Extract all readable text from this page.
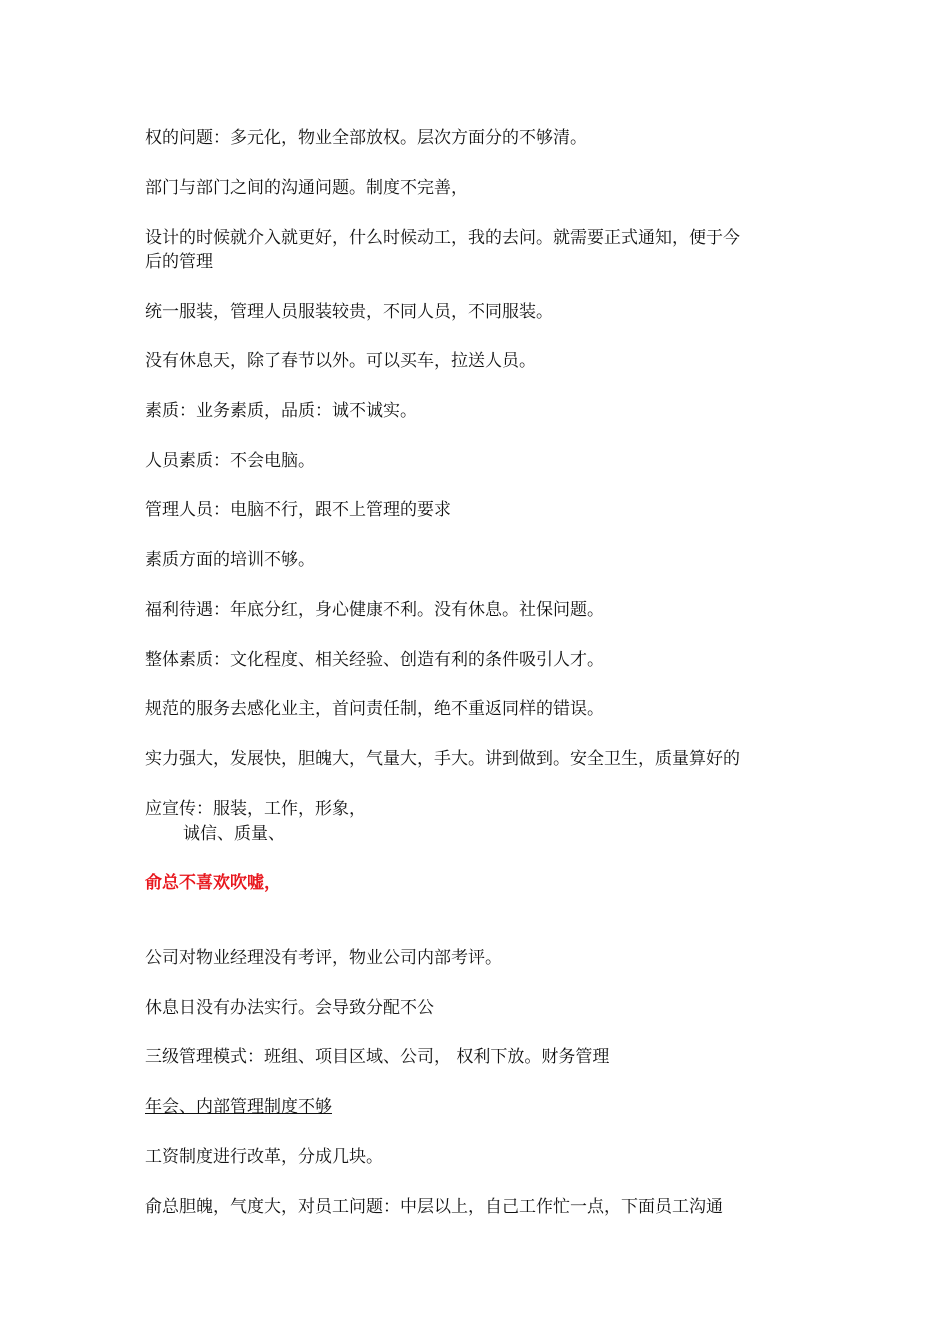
权的问题：多元化，物业全部放权。层次方面分的不够清。
部门与部门之间的沟通问题。制度不完善，
设计的时候就介入就更好，什么时候动工，我的去问。就需要正式通知，便于今
后的管理
统一服装，管理人员服装较贵，不同人员，不同服装。
没有休息天，除了春节以外。可以买车，拉送人员。
素质：业务素质，品质：诚不诚实。
人员素质：不会电脑。
管理人员：电脑不行，跟不上管理的要求
素质方面的培训不够。
福利待遇：年底分红，身心健康不利。没有休息。社保问题。
整体素质：文化程度、相关经验、创造有利的条件吸引人才。
规范的服务去感化业主，首问责任制，绝不重返同样的错误。
实力强大，发展快，胆魄大，气量大，手大。讲到做到。安全卫生，质量算好的
应宣传：服装，工作，形象，
诚信、质量、
俞总不喜欢吹嘘，
公司对物业经理没有考评，物业公司内部考评。
休息日没有办法实行。会导致分配不公
三级管理模式：班组、项目区域、公司， 权利下放。财务管理
年会、内部管理制度不够
工资制度进行改革，分成几块。
俞总胆魄，气度大，对员工问题：中层以上，自己工作忙一点，下面员工沟通
